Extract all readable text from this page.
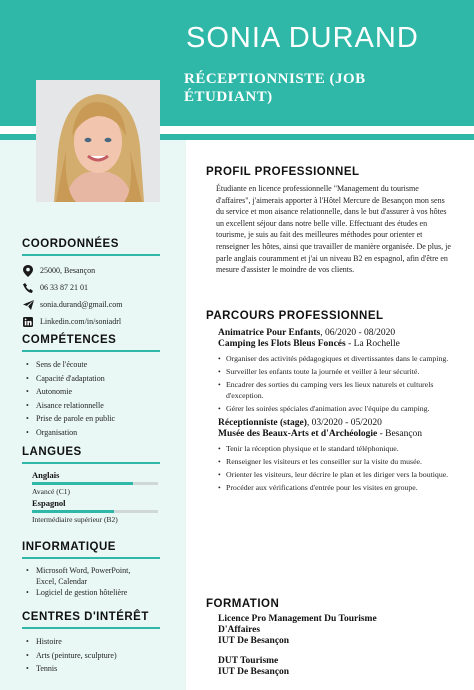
SONIA DURAND
RÉCEPTIONNISTE (JOB
ÉTUDIANT)
COORDONNÉES
25000, Besançon
06 33 87 21 01
sonia.durand@gmail.com
Linkedin.com/in/soniadrl
COMPÉTENCES
• Sens de l'écoute
• Capacité d'adaptation
• Autonomie
• Aisance relationnelle
• Prise de parole en public
• Organisation
LANGUES
Anglais
Avancé (C1)
Espagnol
Intermédiaire supérieur (B2)
INFORMATIQUE
• Microsoft Word, PowerPoint, Excel, Calendar
• Logiciel de gestion hôtelière
CENTRES D'INTÉRÊT
• Histoire
• Arts (peinture, sculpture)
• Tennis
PROFIL PROFESSIONNEL
Étudiante en licence professionnelle "Management du tourisme d'affaires", j'aimerais apporter à l'Hôtel Mercure de Besançon mon sens du service et mon aisance relationnelle, dans le but d'assurer à vos hôtes un excellent séjour dans notre belle ville. Effectuant des études en tourisme, je suis au fait des meilleures méthodes pour orienter et renseigner les hôtes, ainsi que travailler de manière organisée. De plus, je parle anglais couramment et j'ai un niveau B2 en espagnol, afin d'être en mesure d'assister le moindre de vos clients.
PARCOURS PROFESSIONNEL
Animatrice Pour Enfants, 06/2020 - 08/2020
Camping les Flots Bleus Foncés - La Rochelle
• Organiser des activités pédagogiques et divertissantes dans le camping.
• Surveiller les enfants toute la journée et veiller à leur sécurité.
• Encadrer des sorties du camping vers les lieux naturels et culturels d'exception.
• Gérer les soirées spéciales d'animation avec l'équipe du camping.
Réceptionniste (stage), 03/2020 - 05/2020
Musée des Beaux-Arts et d'Archéologie - Besançon
• Tenir la réception physique et le standard téléphonique.
• Renseigner les visiteurs et les conseiller sur la visite du musée.
• Orienter les visiteurs, leur décrire le plan et les diriger vers la boutique.
• Procéder aux vérifications d'entrée pour les visites en groupe.
FORMATION
Licence Pro Management Du Tourisme
D'Affaires
IUT De Besançon
DUT Tourisme
IUT De Besançon
